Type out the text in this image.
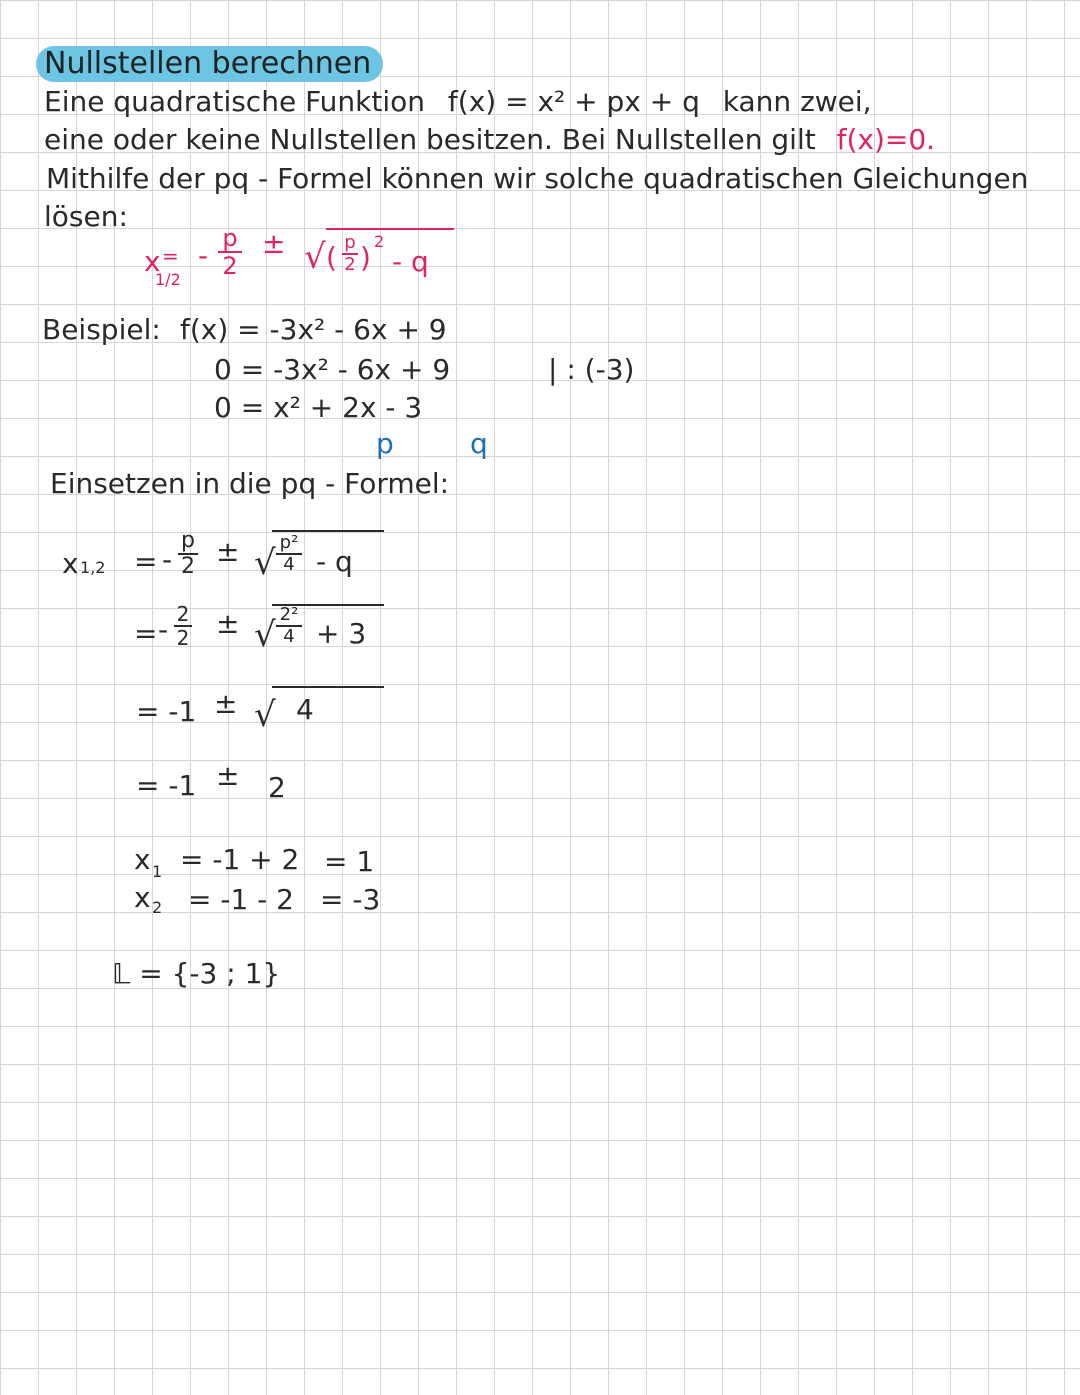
Nullstellen berechnen
Eine quadratische Funktion f(x) = x² + px + q kann zwei,
eine oder keine Nullstellen besitzen. Bei Nullstellen gilt f(x)=0.
Mithilfe der pq - Formel können wir solche quadratischen Gleichungen
lösen:
x
1/2
= -
p
2
± √ ( p
2 ) 2
- q
Beispiel: f(x) = -3x² - 6x + 9
0 = -3x² - 6x + 9	| : (-3)
0 = x² + 2x - 3
p	q
Einsetzen in die pq - Formel:
x 1,2 = -
p
2 ± √
p²
4 - q
= - 2
2 ± √
2²
4 + 3
= -1 ± √ 4
= -1 ± 2
x 1 = -1 + 2 = 1
x 2 = -1 - 2 = -3
𝕃 = {-3 ; 1}
